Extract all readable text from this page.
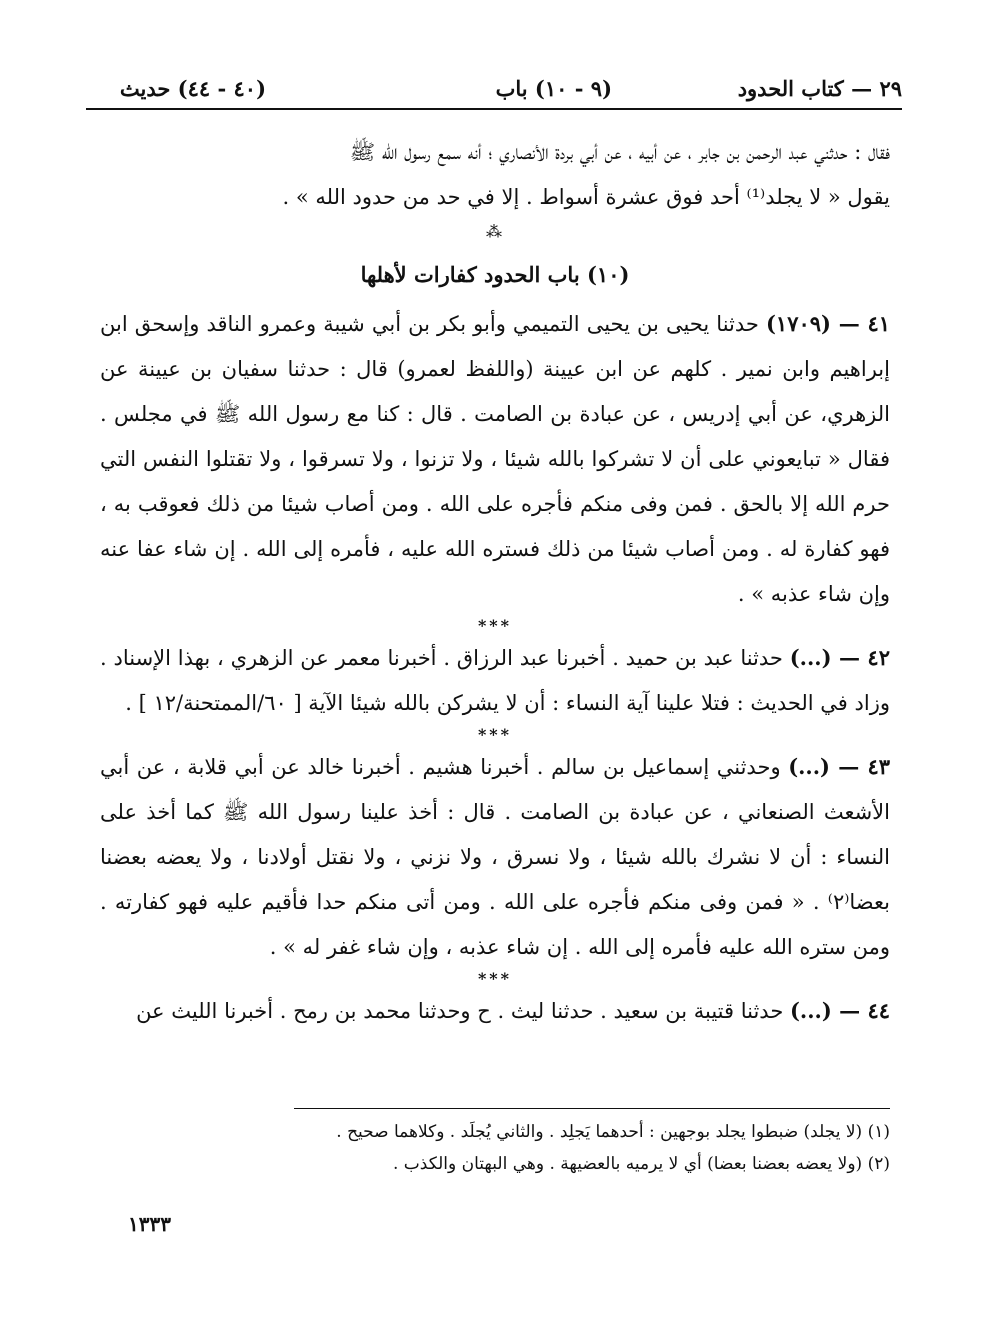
٢٩ — كتاب الحدود
(٩ - ١٠) باب
(٤٠ - ٤٤) حديث

فقال : حدثني عبد الرحمن بن جابر ، عن أبيه ، عن أبي بردة الأنصاري ؛ أنه سمع رسول الله ﷺ

يقول « لا يجلد⁽¹⁾ أحد فوق عشرة أسواط . إلا في حد من حدود الله » .

⁂
(١٠) باب الحدود كفارات لأهلها

٤١ — (١٧٠٩) حدثنا يحيى بن يحيى التميمي وأبو بكر بن أبي شيبة وعمرو الناقد وإسحق ابن إبراهيم وابن نمير . كلهم عن ابن عيينة (واللفظ لعمرو) قال : حدثنا سفيان بن عيينة عن الزهري، عن أبي إدريس ، عن عبادة بن الصامت . قال : كنا مع رسول الله ﷺ في مجلس . فقال « تبايعوني على أن لا تشركوا بالله شيئا ، ولا تزنوا ، ولا تسرقوا ، ولا تقتلوا النفس التي حرم الله إلا بالحق . فمن وفى منكم فأجره على الله . ومن أصاب شيئا من ذلك فعوقب به ، فهو كفارة له . ومن أصاب شيئا من ذلك فستره الله عليه ، فأمره إلى الله . إن شاء عفا عنه وإن شاء عذبه » .

***

٤٢ — (...) حدثنا عبد بن حميد . أخبرنا عبد الرزاق . أخبرنا معمر عن الزهري ، بهذا الإسناد . وزاد في الحديث : فتلا علينا آية النساء : أن لا يشركن بالله شيئا الآية [ ٦٠/الممتحنة/١٢ ] .

***

٤٣ — (...) وحدثني إسماعيل بن سالم . أخبرنا هشيم . أخبرنا خالد عن أبي قلابة ، عن أبي الأشعث الصنعاني ، عن عبادة بن الصامت . قال : أخذ علينا رسول الله ﷺ كما أخذ على النساء : أن لا نشرك بالله شيئا ، ولا نسرق ، ولا نزني ، ولا نقتل أولادنا ، ولا يعضه بعضنا بعضا⁽٢⁾ . « فمن وفى منكم فأجره على الله . ومن أتى منكم حدا فأقيم عليه فهو كفارته . ومن ستره الله عليه فأمره إلى الله . إن شاء عذبه ، وإن شاء غفر له » .

***

٤٤ — (...) حدثنا قتيبة بن سعيد . حدثنا ليث . ح وحدثنا محمد بن رمح . أخبرنا الليث عن

(١) (لا يجلد) ضبطوا يجلد بوجهين : أحدهما يَجلِد . والثاني يُجلَد . وكلاهما صحيح .

(٢) (ولا يعضه بعضنا بعضا) أي لا يرميه بالعضيهة . وهي البهتان والكذب .

١٣٣٣
